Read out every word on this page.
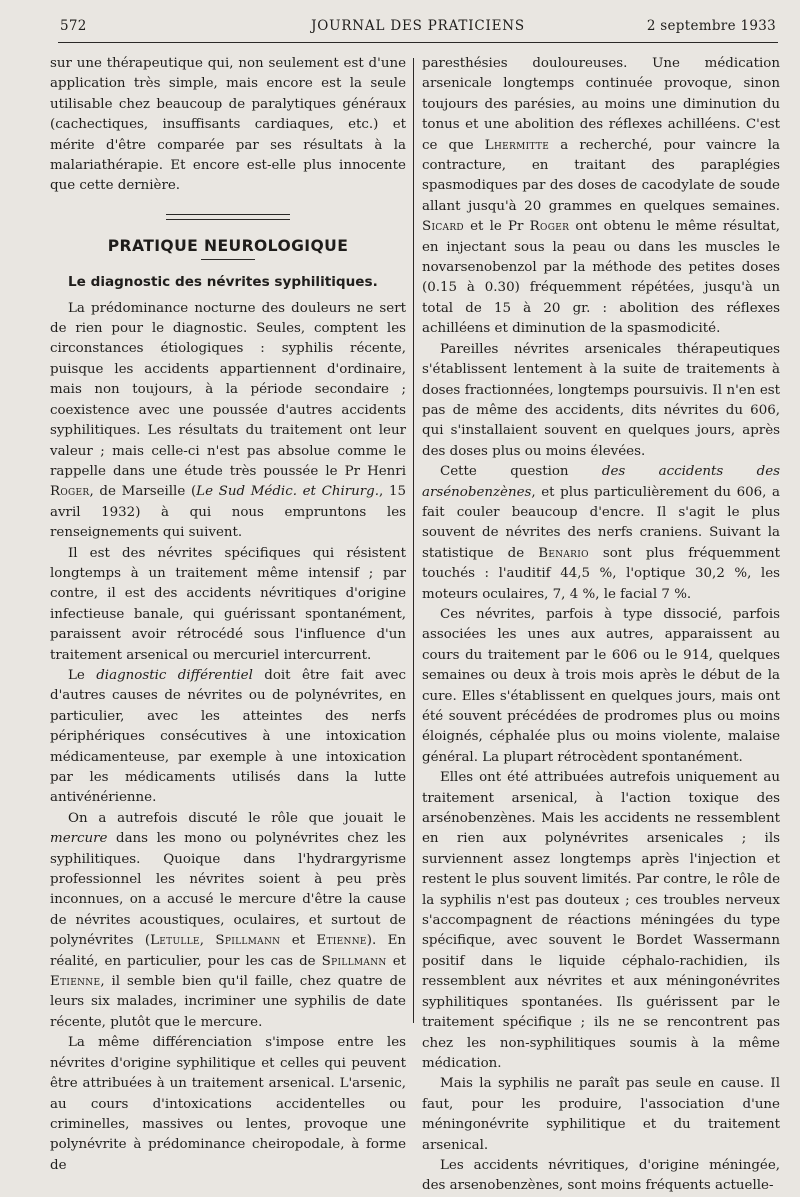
572	JOURNAL DES PRATICIENS	2 septembre 1933

sur une thérapeutique qui, non seulement est d'une application très simple, mais encore est la seule utilisable chez beaucoup de paralytiques généraux (cachectiques, insuffisants cardiaques, etc.) et mérite d'être comparée par ses résultats à la malariathérapie. Et encore est-elle plus innocente que cette dernière.

PRATIQUE NEUROLOGIQUE
Le diagnostic des névrites syphilitiques.

La prédominance nocturne des douleurs ne sert de rien pour le diagnostic. Seules, comptent les circonstances étiologiques : syphilis récente, puisque les accidents appartiennent d'ordinaire, mais non toujours, à la période secondaire ; coexistence avec une poussée d'autres accidents syphilitiques. Les résultats du traitement ont leur valeur ; mais celle-ci n'est pas absolue comme le rappelle dans une étude très poussée le Pr Henri Roger, de Marseille (Le Sud Médic. et Chirurg., 15 avril 1932) à qui nous empruntons les renseignements qui suivent.

Il est des névrites spécifiques qui résistent longtemps à un traitement même intensif ; par contre, il est des accidents névritiques d'origine infectieuse banale, qui guérissant spontanément, paraissent avoir rétrocédé sous l'influence d'un traitement arsenical ou mercuriel intercurrent.

Le diagnostic différentiel doit être fait avec d'autres causes de névrites ou de polynévrites, en particulier, avec les atteintes des nerfs périphériques consécutives à une intoxication médicamenteuse, par exemple à une intoxication par les médicaments utilisés dans la lutte antivénérienne.

On a autrefois discuté le rôle que jouait le mercure dans les mono ou polynévrites chez les syphilitiques. Quoique dans l'hydrargyrisme professionnel les névrites soient à peu près inconnues, on a accusé le mercure d'être la cause de névrites acoustiques, oculaires, et surtout de polynévrites (Letulle, Spillmann et Etienne). En réalité, en particulier, pour les cas de Spillmann et Etienne, il semble bien qu'il faille, chez quatre de leurs six malades, incriminer une syphilis de date récente, plutôt que le mercure.

La même différenciation s'impose entre les névrites d'origine syphilitique et celles qui peuvent être attribuées à un traitement arsenical. L'arsenic, au cours d'intoxications accidentelles ou criminelles, massives ou lentes, provoque une polynévrite à prédominance cheiropodale, à forme de

paresthésies douloureuses. Une médication arsenicale longtemps continuée provoque, sinon toujours des parésies, au moins une diminution du tonus et une abolition des réflexes achilléens. C'est ce que Lhermitte a recherché, pour vaincre la contracture, en traitant des paraplégies spasmodiques par des doses de cacodylate de soude allant jusqu'à 20 grammes en quelques semaines. Sicard et le Pr Roger ont obtenu le même résultat, en injectant sous la peau ou dans les muscles le novarsenobenzol par la méthode des petites doses (0.15 à 0.30) fréquemment répétées, jusqu'à un total de 15 à 20 gr. : abolition des réflexes achilléens et diminution de la spasmodicité.

Pareilles névrites arsenicales thérapeutiques s'établissent lentement à la suite de traitements à doses fractionnées, longtemps poursuivis. Il n'en est pas de même des accidents, dits névrites du 606, qui s'installaient souvent en quelques jours, après des doses plus ou moins élevées.

Cette question des accidents des arsénobenzènes, et plus particulièrement du 606, a fait couler beaucoup d'encre. Il s'agit le plus souvent de névrites des nerfs craniens. Suivant la statistique de Benario sont plus fréquemment touchés : l'auditif 44,5 %, l'optique 30,2 %, les moteurs oculaires, 7, 4 %, le facial 7 %.

Ces névrites, parfois à type dissocié, parfois associées les unes aux autres, apparaissent au cours du traitement par le 606 ou le 914, quelques semaines ou deux à trois mois après le début de la cure. Elles s'établissent en quelques jours, mais ont été souvent précédées de prodromes plus ou moins éloignés, céphalée plus ou moins violente, malaise général. La plupart rétrocèdent spontanément.

Elles ont été attribuées autrefois uniquement au traitement arsenical, à l'action toxique des arsénobenzènes. Mais les accidents ne ressemblent en rien aux polynévrites arsenicales ; ils surviennent assez longtemps après l'injection et restent le plus souvent limités. Par contre, le rôle de la syphilis n'est pas douteux ; ces troubles nerveux s'accompagnent de réactions méningées du type spécifique, avec souvent le Bordet Wassermann positif dans le liquide céphalo-rachidien, ils ressemblent aux névrites et aux méningonévrites syphilitiques spontanées. Ils guérissent par le traitement spécifique ; ils ne se rencontrent pas chez les non-syphilitiques soumis à la même médication.

Mais la syphilis ne paraît pas seule en cause. Il faut, pour les produire, l'association d'une méningonévrite syphilitique et du traitement arsenical.

Les accidents névritiques, d'origine méningée, des arsenobenzènes, sont moins fréquents actuelle-
